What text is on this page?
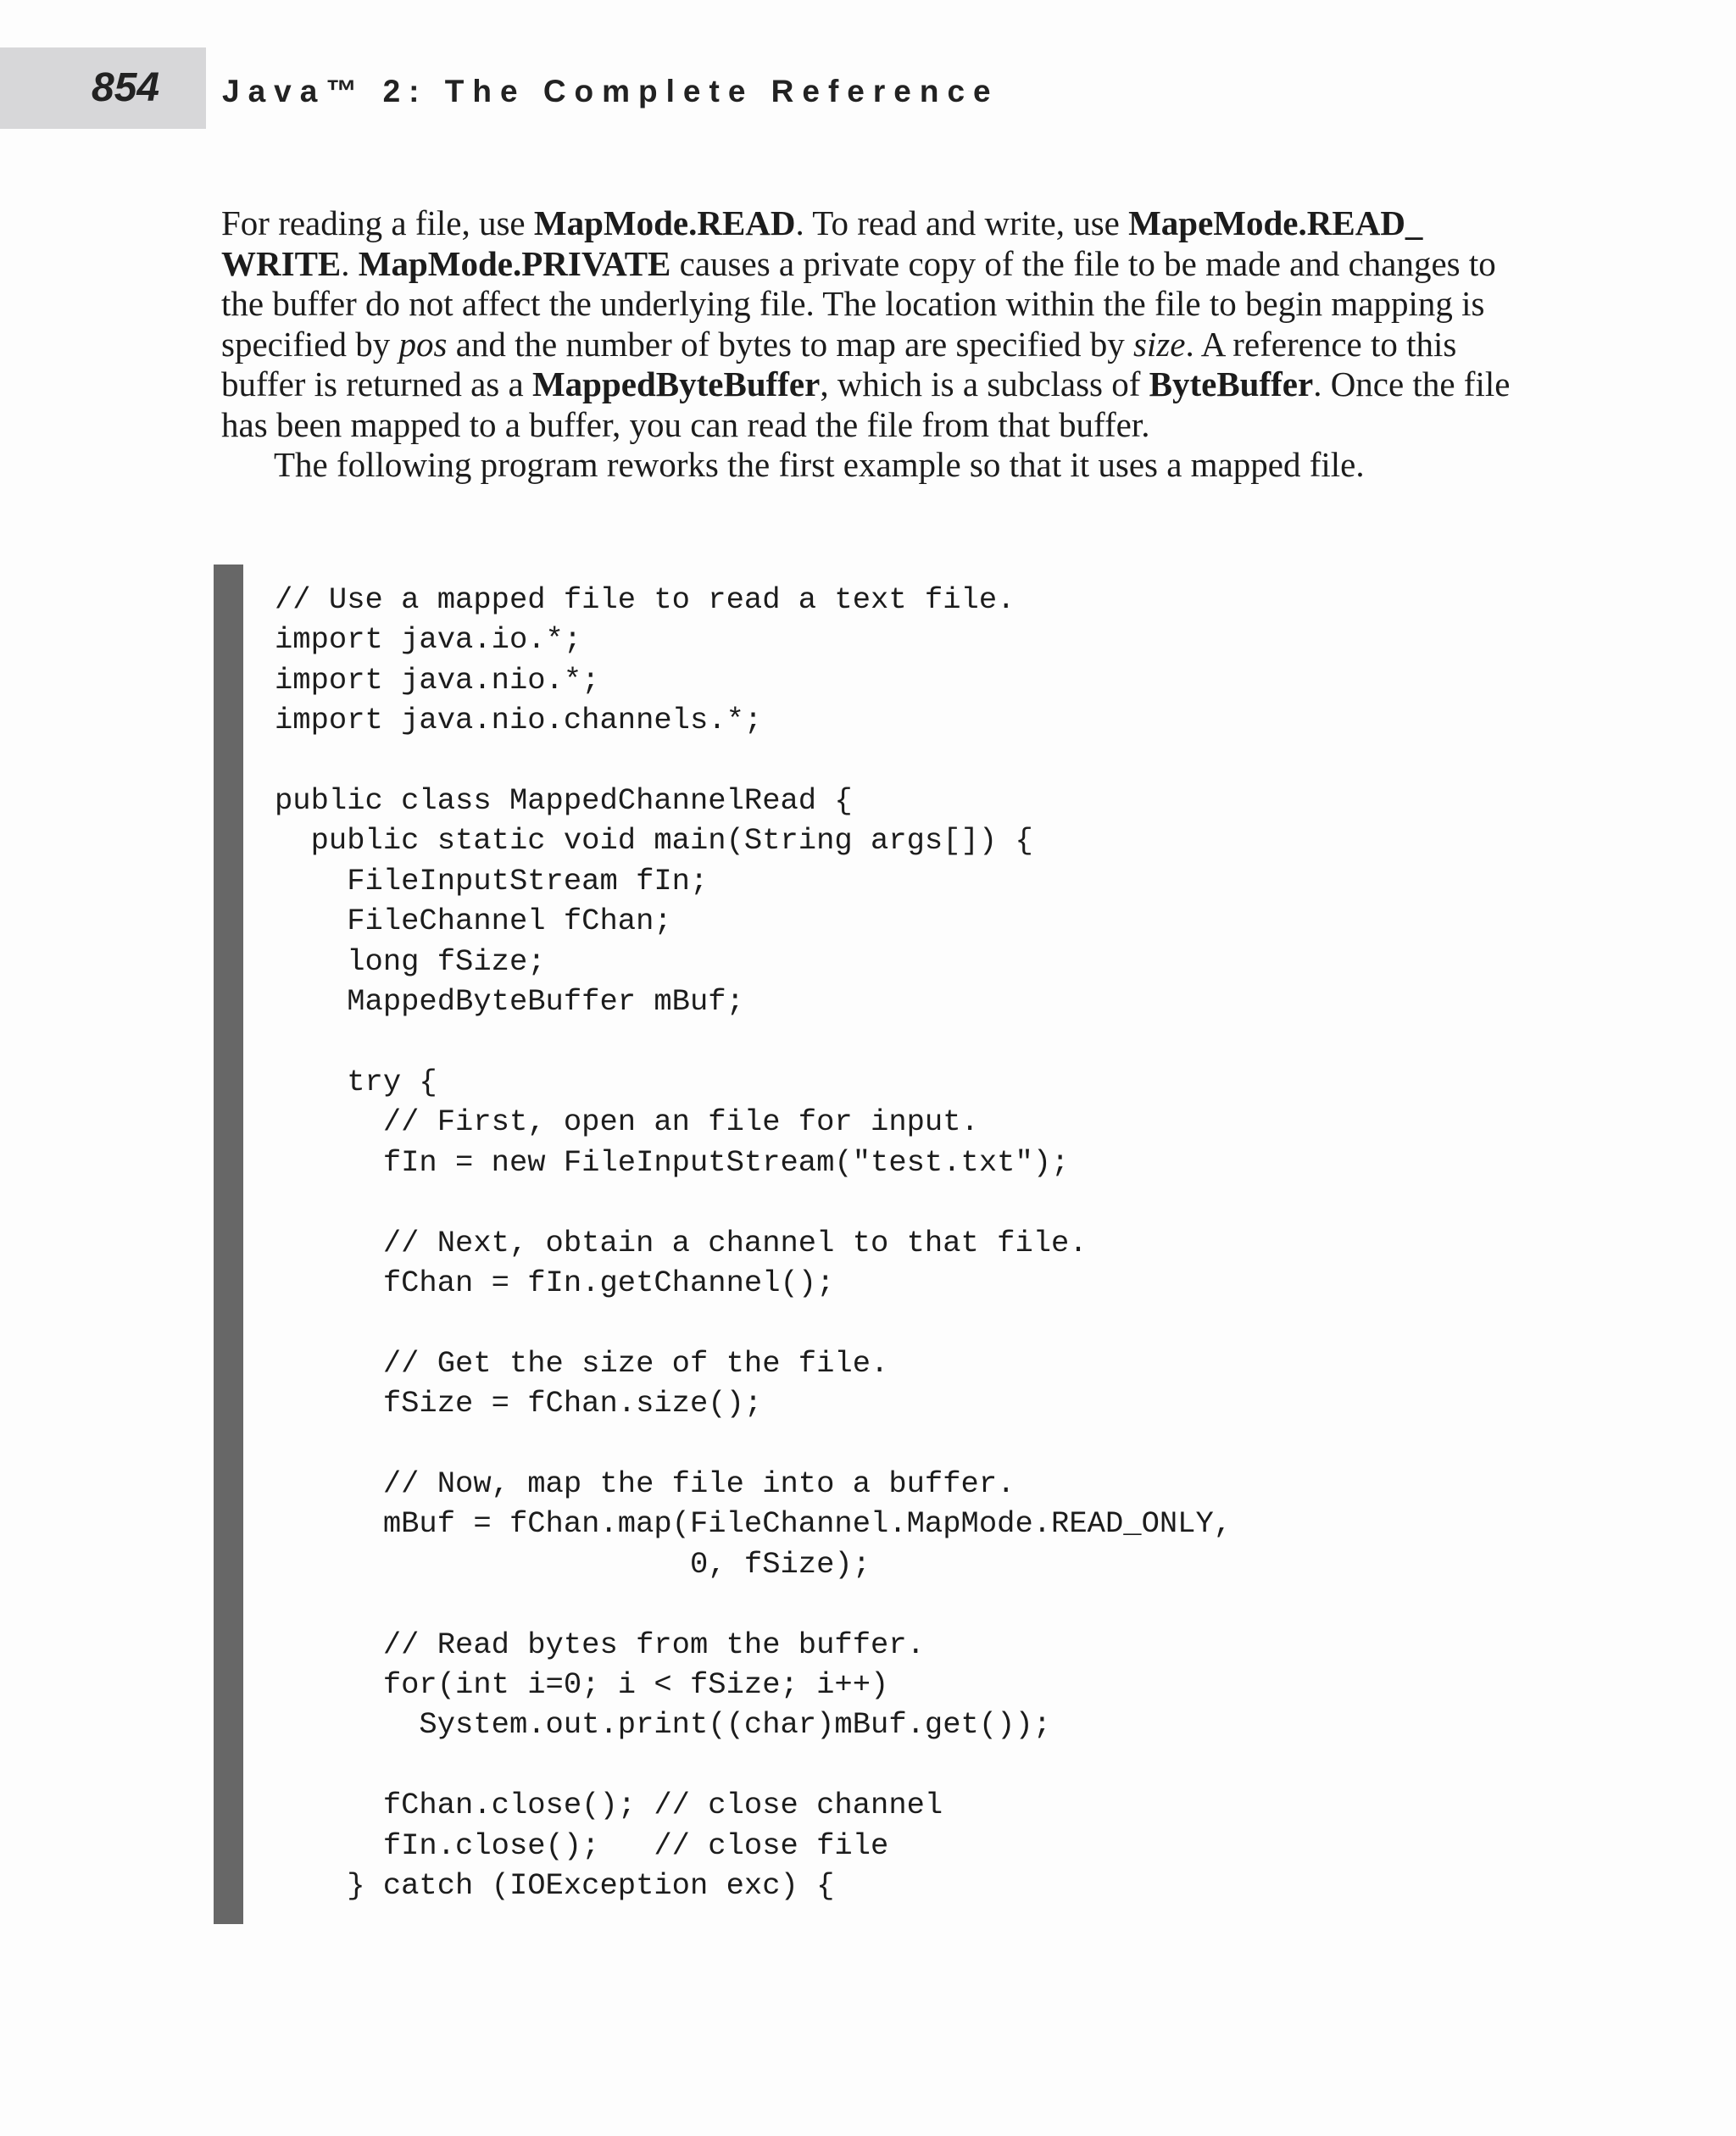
854 Java™ 2: The Complete Reference

For reading a file, use MapMode.READ. To read and write, use MapeMode.READ_
WRITE. MapMode.PRIVATE causes a private copy of the file to be made and changes to the buffer do not affect the underlying file. The location within the file to begin mapping is specified by pos and the number of bytes to map are specified by size. A reference to this buffer is returned as a MappedByteBuffer, which is a subclass of ByteBuffer. Once the file has been mapped to a buffer, you can read the file from that buffer.

The following program reworks the first example so that it uses a mapped file.

// Use a mapped file to read a text file.
import java.io.*;
import java.nio.*;
import java.nio.channels.*;

public class MappedChannelRead {
public static void main(String args[]) {
FileInputStream fIn;
FileChannel fChan;
long fSize;
MappedByteBuffer mBuf;

try {
// First, open an file for input.
fIn = new FileInputStream("test.txt");

// Next, obtain a channel to that file.
fChan = fIn.getChannel();

// Get the size of the file.
fSize = fChan.size();

// Now, map the file into a buffer.
mBuf = fChan.map(FileChannel.MapMode.READ_ONLY,
0, fSize);

// Read bytes from the buffer.
for(int i=0; i < fSize; i++)
System.out.print((char)mBuf.get());

fChan.close(); // close channel
fIn.close();   // close file
} catch (IOException exc) {
